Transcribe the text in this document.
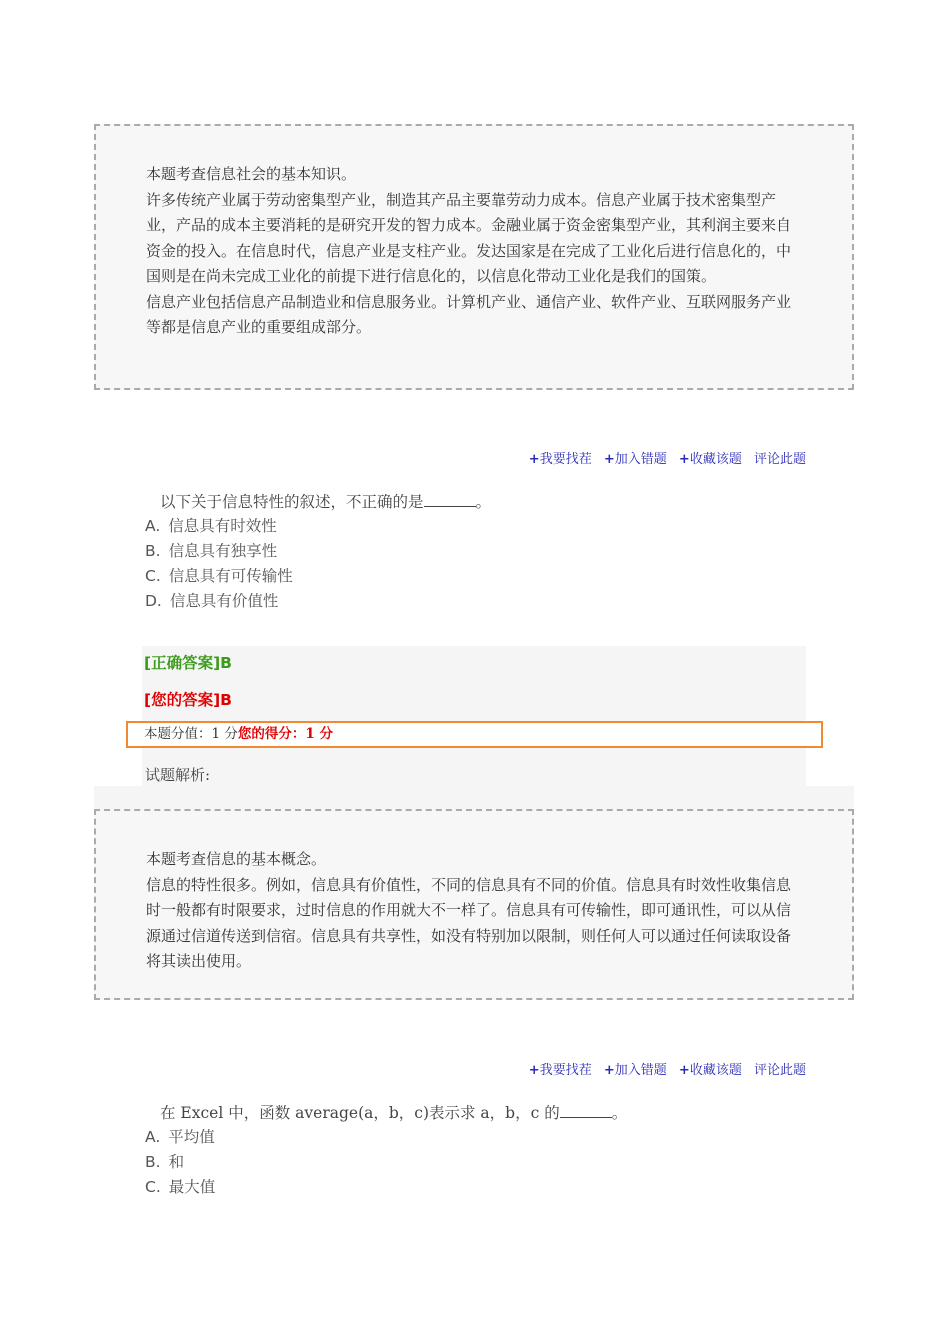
本题考查信息社会的基本知识。

许多传统产业属于劳动密集型产业，制造其产品主要靠劳动力成本。信息产业属于技术密集型产业，产品的成本主要消耗的是研究开发的智力成本。金融业属于资金密集型产业，其利润主要来自资金的投入。在信息时代，信息产业是支柱产业。发达国家是在完成了工业化后进行信息化的，中国则是在尚未完成工业化的前提下进行信息化的，以信息化带动工业化是我们的国策。

信息产业包括信息产品制造业和信息服务业。计算机产业、通信产业、软件产业、互联网服务产业等都是信息产业的重要组成部分。

+我要找茬 +加入错题 +收藏该题 评论此题
以下关于信息特性的叙述，不正确的是	。
A. 信息具有时效性
B. 信息具有独享性
C. 信息具有可传输性
D. 信息具有价值性
[正确答案]B
[您的答案]B
本题分值：1 分您的得分：1 分
试题解析:

本题考查信息的基本概念。

信息的特性很多。例如，信息具有价值性，不同的信息具有不同的价值。信息具有时效性收集信息时一般都有时限要求，过时信息的作用就大不一样了。信息具有可传输性，即可通讯性，可以从信源通过信道传送到信宿。信息具有共享性，如没有特别加以限制，则任何人可以通过任何读取设备将其读出使用。

+我要找茬 +加入错题 +收藏该题 评论此题
在 Excel 中，函数 average(a，b，c)表示求 a，b，c 的	。
A. 平均值
B. 和
C. 最大值
